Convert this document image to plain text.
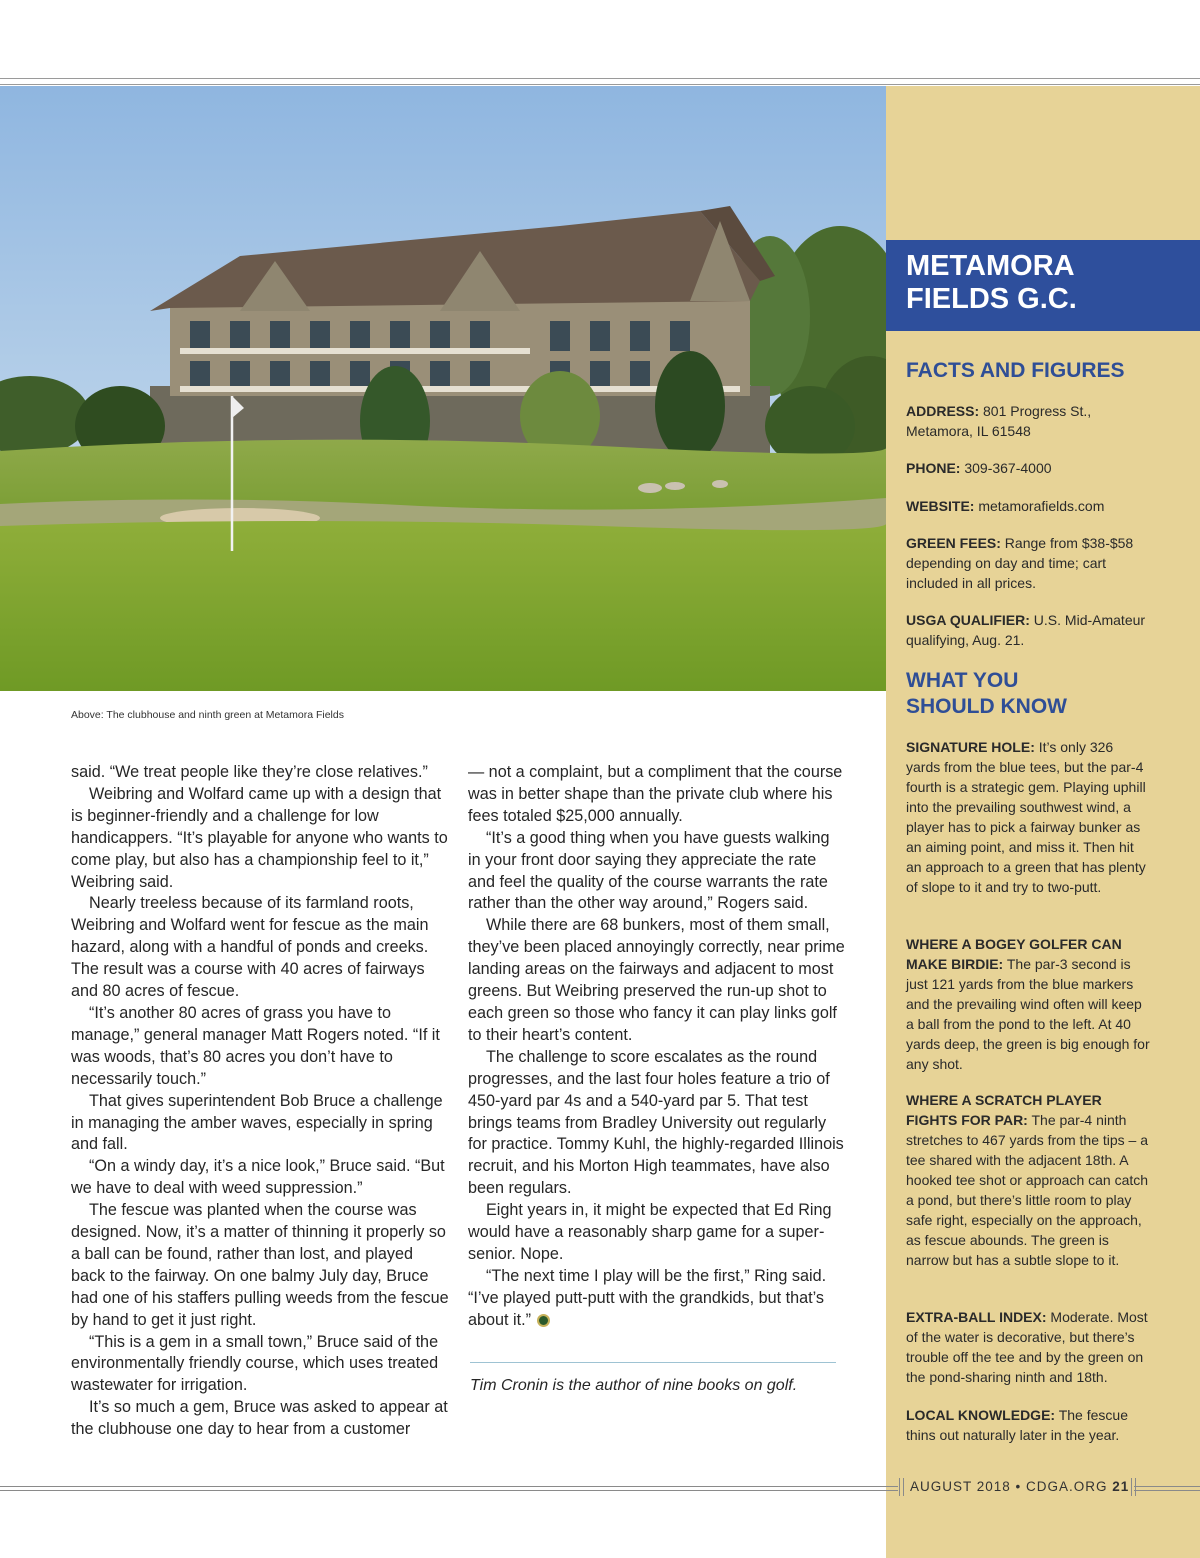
Above: The clubhouse and ninth green at Metamora Fields

said. “We treat people like they’re close relatives.”

Weibring and Wolfard came up with a design that is beginner-friendly and a challenge for low handicappers. “It’s playable for anyone who wants to come play, but also has a championship feel to it,” Weibring said.

Nearly treeless because of its farmland roots, Weibring and Wolfard went for fescue as the main hazard, along with a handful of ponds and creeks. The result was a course with 40 acres of fairways and 80 acres of fescue.

“It’s another 80 acres of grass you have to manage,” general manager Matt Rogers noted. “If it was woods, that’s 80 acres you don’t have to necessarily touch.”

That gives superintendent Bob Bruce a challenge in managing the amber waves, especially in spring and fall.

“On a windy day, it’s a nice look,” Bruce said. “But we have to deal with weed suppression.”

The fescue was planted when the course was designed. Now, it’s a matter of thinning it properly so a ball can be found, rather than lost, and played back to the fairway. On one balmy July day, Bruce had one of his staffers pulling weeds from the fescue by hand to get it just right.

“This is a gem in a small town,” Bruce said of the environmentally friendly course, which uses treated wastewater for irrigation.

It’s so much a gem, Bruce was asked to appear at the clubhouse one day to hear from a customer

— not a complaint, but a compliment that the course was in better shape than the private club where his fees totaled $25,000 annually.

“It’s a good thing when you have guests walking in your front door saying they appreciate the rate and feel the quality of the course warrants the rate rather than the other way around,” Rogers said.

While there are 68 bunkers, most of them small, they’ve been placed annoyingly correctly, near prime landing areas on the fairways and adjacent to most greens. But Weibring preserved the run-up shot to each green so those who fancy it can play links golf to their heart’s content.

The challenge to score escalates as the round progresses, and the last four holes feature a trio of 450-yard par 4s and a 540-yard par 5. That test brings teams from Bradley University out regularly for practice. Tommy Kuhl, the highly-regarded Illinois recruit, and his Morton High teammates, have also been regulars.

Eight years in, it might be expected that Ed Ring would have a reasonably sharp game for a super-senior. Nope.

“The next time I play will be the first,” Ring said. “I’ve played putt-putt with the grandkids, but that’s about it.”

Tim Cronin is the author of nine books on golf.
METAMORA
FIELDS G.C.
FACTS AND FIGURES
ADDRESS: 801 Progress St., Metamora, IL 61548
PHONE: 309-367-4000
WEBSITE: metamorafields.com
GREEN FEES: Range from $38-$58 depending on day and time; cart included in all prices.
USGA QUALIFIER: U.S. Mid-Amateur qualifying, Aug. 21.
WHAT YOU
SHOULD KNOW
SIGNATURE HOLE: It’s only 326 yards from the blue tees, but the par-4 fourth is a strategic gem. Playing uphill into the prevailing southwest wind, a player has to pick a fairway bunker as an aiming point, and miss it. Then hit an approach to a green that has plenty of slope to it and try to two-putt.
WHERE A BOGEY GOLFER CAN MAKE BIRDIE: The par-3 second is just 121 yards from the blue markers and the prevailing wind often will keep a ball from the pond to the left. At 40 yards deep, the green is big enough for any shot.
WHERE A SCRATCH PLAYER FIGHTS FOR PAR: The par-4 ninth stretches to 467 yards from the tips – a tee shared with the adjacent 18th. A hooked tee shot or approach can catch a pond, but there’s little room to play safe right, especially on the approach, as fescue abounds. The green is narrow but has a subtle slope to it.
EXTRA-BALL INDEX: Moderate. Most of the water is decorative, but there’s trouble off the tee and by the green on the pond-sharing ninth and 18th.
LOCAL KNOWLEDGE: The fescue thins out naturally later in the year.
AUGUST 2018 • CDGA.ORG 21
